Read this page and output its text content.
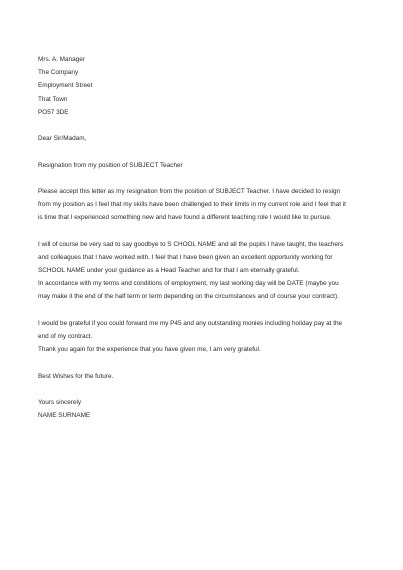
Mrs. A. Manager
The Company
Employment Street
That Town
PO57 3DE
Dear Sir/Madam,
Resignation from my position of SUBJECT Teacher
Please accept this letter as my resignation from the position of SUBJECT Teacher. I have decided to resign
from my position as I feel that my skills have been challenged to their limits in my current role and I feel that it
is time that I experienced something new and have found a different teaching role I would like to pursue.
I will of course be very sad to say goodbye to S CHOOL NAME and all the pupils I have taught, the teachers
and colleagues that I have worked with. I feel that I have been given an excellent opportunity working for
SCHOOL NAME under your guidance as a Head Teacher and for that I am eternally grateful.
In accordance with my terms and conditions of employment, my last working day will be DATE (maybe you
may make it the end of the half term or term depending on the circumstances and of course your contract).
I would be grateful if you could forward me my P45 and any outstanding monies including holiday pay at the
end of my contract.
Thank you again for the experience that you have given me, I am very grateful.
Best Wishes for the future.
Yours sincerely
NAME SURNAME
